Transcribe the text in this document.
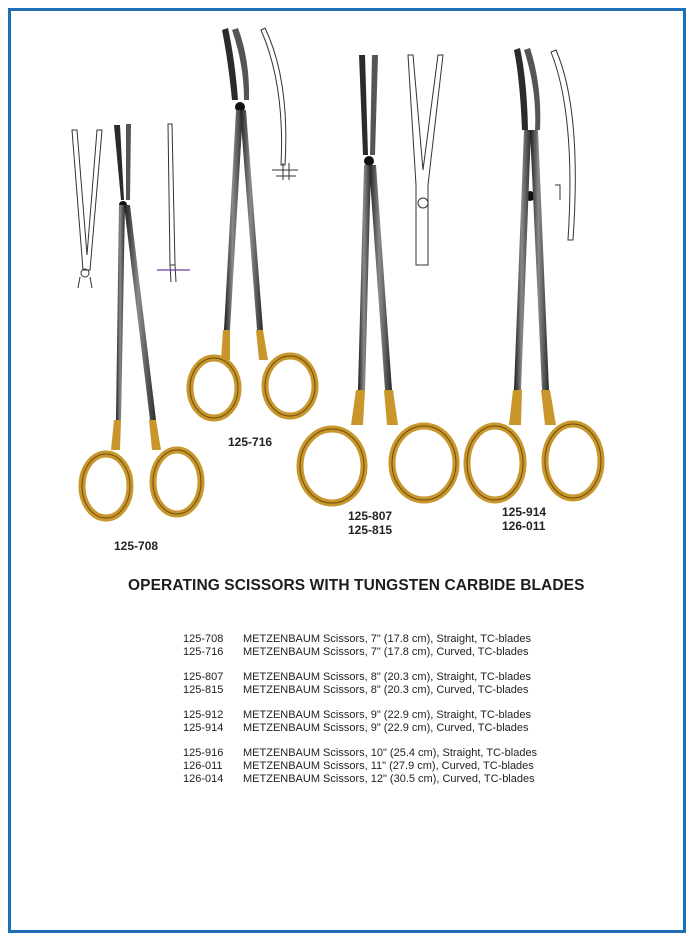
125-708
125-716
125-807
125-815
125-914
126-011
OPERATING SCISSORS WITH TUNGSTEN CARBIDE BLADES
125-708	METZENBAUM Scissors, 7" (17.8 cm), Straight, TC-blades
125-716	METZENBAUM Scissors, 7" (17.8 cm), Curved, TC-blades
125-807	METZENBAUM Scissors, 8" (20.3 cm), Straight, TC-blades
125-815	METZENBAUM Scissors, 8" (20.3 cm), Curved, TC-blades
125-912	METZENBAUM Scissors, 9" (22.9 cm), Straight, TC-blades
125-914	METZENBAUM Scissors, 9" (22.9 cm), Curved, TC-blades
125-916	METZENBAUM Scissors, 10" (25.4 cm), Straight, TC-blades
126-011	METZENBAUM Scissors, 11" (27.9 cm), Curved, TC-blades
126-014	METZENBAUM Scissors, 12" (30.5 cm), Curved, TC-blades
